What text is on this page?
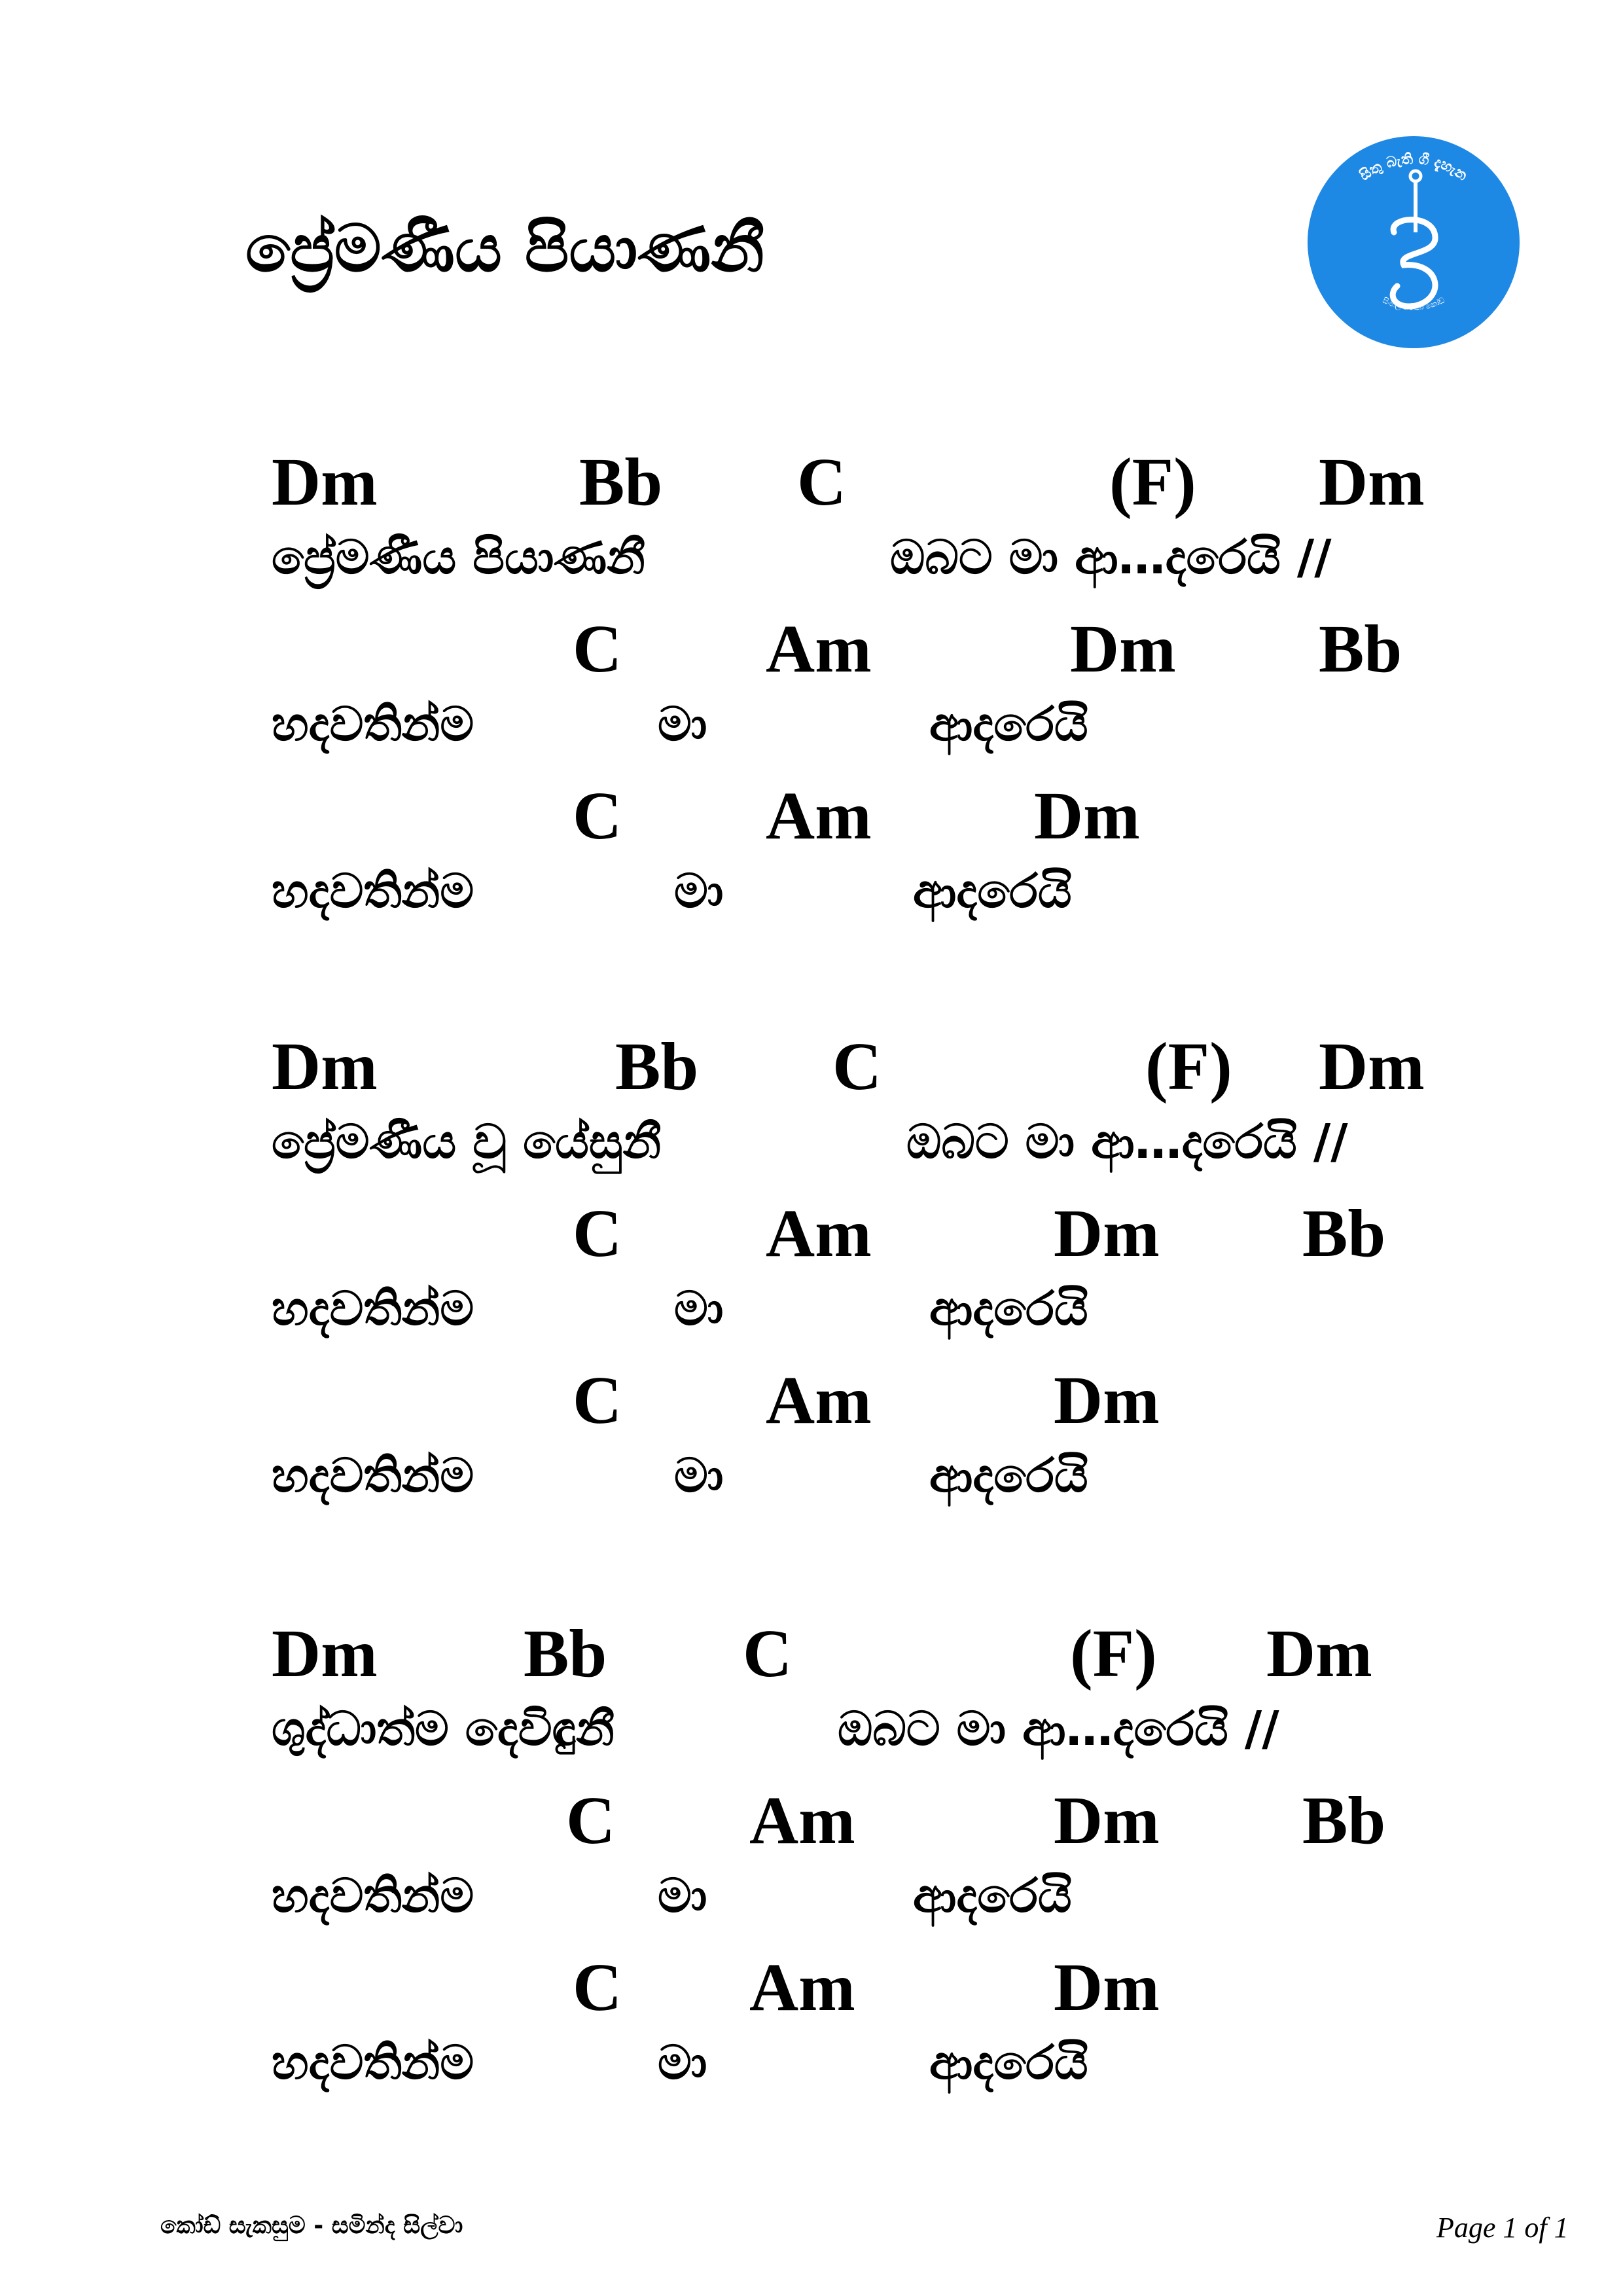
ප්‍රේමණීය පියාණනී
සිතු බැති ගී දැහැන
සිංහල ගීතිකා කෝඩ්
Dm	Bb C	(F) Dm
ප්‍රේමණීය පියාණනී	ඔබට මා ආ…දරෙයි //
C Am	Dm Bb
හදවතින්ම	මා	ආදරෙයි
C Am Dm
හදවතින්ම	මා	ආදරෙයි
Dm	Bb C	(F) Dm
ප්‍රේමණීය වූ යේසුනී	ඔබට මා ආ…දරෙයි //
C Am	Dm Bb
හදවතින්ම	මා	ආදරෙයි
C Am	Dm
හදවතින්ම	මා	ආදරෙයි
Dm Bb C	(F) Dm
ශුද්ධාත්ම දෙවිඳුනී	ඔබට මා ආ…දරෙයි //
C Am	Dm Bb
හදවතින්ම	මා	ආදරෙයි
C Am	Dm
හදවතින්ම	මා	ආදරෙයි
කෝඩ් සැකසුම - සමින්ද සිල්වා	Page 1 of 1
